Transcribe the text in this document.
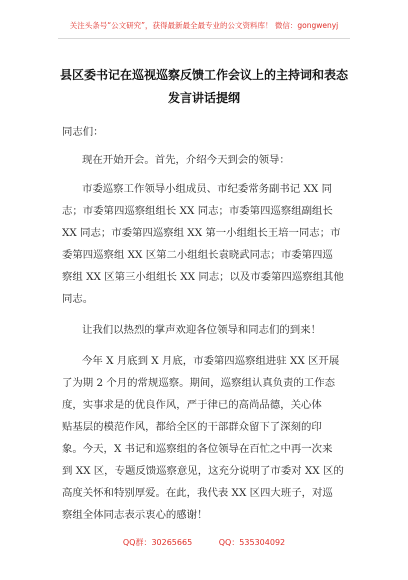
关注头条号“公文研究”，获得最新最全最专业的公文资料库！ 微信：gongwenyj
县区委书记在巡视巡察反馈工作会议上的主持词和表态
发言讲话提纲
同志们：
现在开始开会。首先，介绍今天到会的领导：
市委巡察工作领导小组成员、市纪委常务副书记 XX 同
志；市委第四巡察组组长 XX 同志；市委第四巡察组副组长
XX 同志；市委第四巡察组 XX 第一小组组长王培一同志；市
委第四巡察组 XX 区第二小组组长袁晓武同志；市委第四巡
察组 XX 区第三小组组长 XX 同志；以及市委第四巡察组其他
同志。
让我们以热烈的掌声欢迎各位领导和同志们的到来！
今年 X 月底到 X 月底，市委第四巡察组进驻 XX 区开展
了为期 2 个月的常规巡察。期间，巡察组认真负责的工作态
度，实事求是的优良作风，严于律已的高尚品德，关心体
贴基层的模范作风，都给全区的干部群众留下了深刻的印
象。今天，X 书记和巡察组的各位领导在百忙之中再一次来
到 XX 区，专题反馈巡察意见，这充分说明了市委对 XX 区的
高度关怀和特别厚爱。在此，我代表 XX 区四大班子，对巡
察组全体同志表示衷心的感谢！
QQ群：30265665	QQ：535304092
